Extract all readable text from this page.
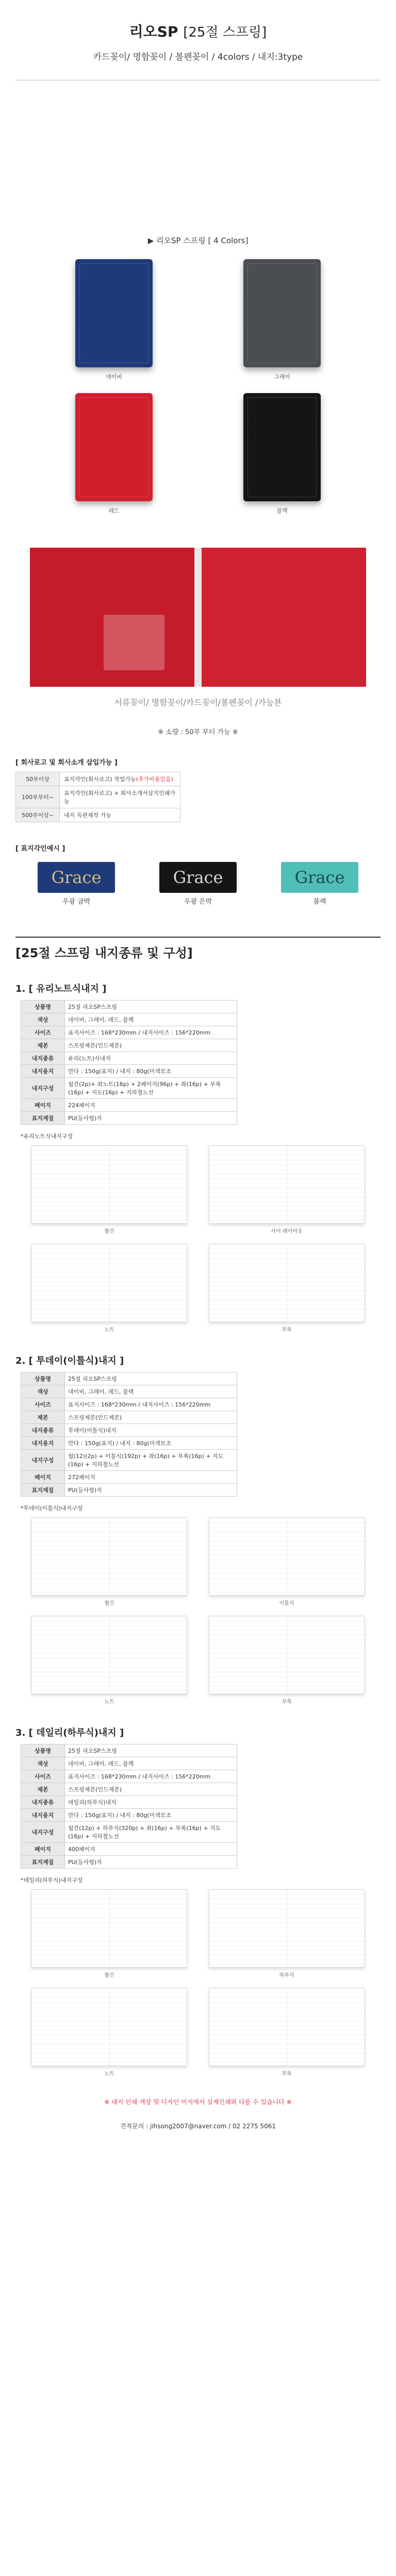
리오SP [25절 스프링]
카드꽂이/ 명함꽂이 / 볼펜꽂이 / 4colors / 내지:3type
▶ 리오SP 스프링 [ 4 Colors]
네이비	그레이
레드	블랙
서류꽂이/ 명함꽂이/카드꽂이/볼펜꽂이 /가능뵨
※ 소량 : 50부 부터 가능 ※
[ 회사로고 및 회사소개 삽입가능 ]
50부이상	표지각인(회사로고) 작업가능(추가비용있음)
100부부터~	표지각인(회사로고) + 회사소개서삽지인쇄가능
500부이상~	내지 독판제작 가능
[ 표지각인예시 ]
Grace
우광 금박
Grace
우광 은박
Grace
블랙
[25절 스프링 내지종류 및 구성]
1. [ 유리노트식내지 ]
상품명	25절 리오SP스프링
색상	네이비, 그레이, 레드, 블랙
사이즈	표지사이즈 : 168*230mm / 내지사이즈 : 156*220mm
제본	스프링제본(인드제본)
내지종류	유리(노트)식내지
내지용지	만다 : 150g(표지) / 내지 : 80g(미색모조
내지구성	월간(2p)+ 좌노트(16p) + 2페이지(96p) + 좌(16p) + 부록(16p) + 지도(16p) + 지하철노선
페이지	224페이지
표지재질	PU(등사령)지
*유리노트식내지구성
월간	사이 레이아웃
노트	부록
2. [ 투데이(이틀식)내지 ]
상품명	25절 리오SP스프링
색상	네이비, 그레이, 레드, 블랙
사이즈	표지사이즈 : 168*230mm / 내지사이즈 : 156*220mm
제본	스프링제본(인드제본)
내지종류	투데이(이틀식)내지
내지용지	만다 : 150g(표지) / 내지 : 80g(미색모조
내지구성	월(12)(2p) + 이틀식(192p) + 좌(16p) + 부록(16p) + 지도(16p) + 지하철노선
페이지	272페이지
표지재질	PU(등사령)지
*투데이(이틀식)내지구성
월간	이틀식
노트	부록
3. [ 데일리(하루식)내지 ]
상품명	25절 리오SP스프링
색상	네이비, 그레이, 레드, 블랙
사이즈	표지사이즈 : 168*230mm / 내지사이즈 : 156*220mm
제본	스프링제본(인드제본)
내지종류	데일리(하루식)내지
내지용지	만다 : 150g(표지) / 내지 : 80g(미색모조
내지구성	월간(12p) + 하루식(320p) + 좌(16p) + 부록(16p) + 지도(16p) + 지하철노선
페이지	400페이지
표지재질	PU(등사령)지
*데일리(하루식)내지구성
월간	하루식
노트	부록
※ 내지 인쇄 색상 및 디자인 미지에서 실제인쇄와 다를 수 있습니다 ※
견적문의 : jihsong2007@naver.com / 02 2275 5061
